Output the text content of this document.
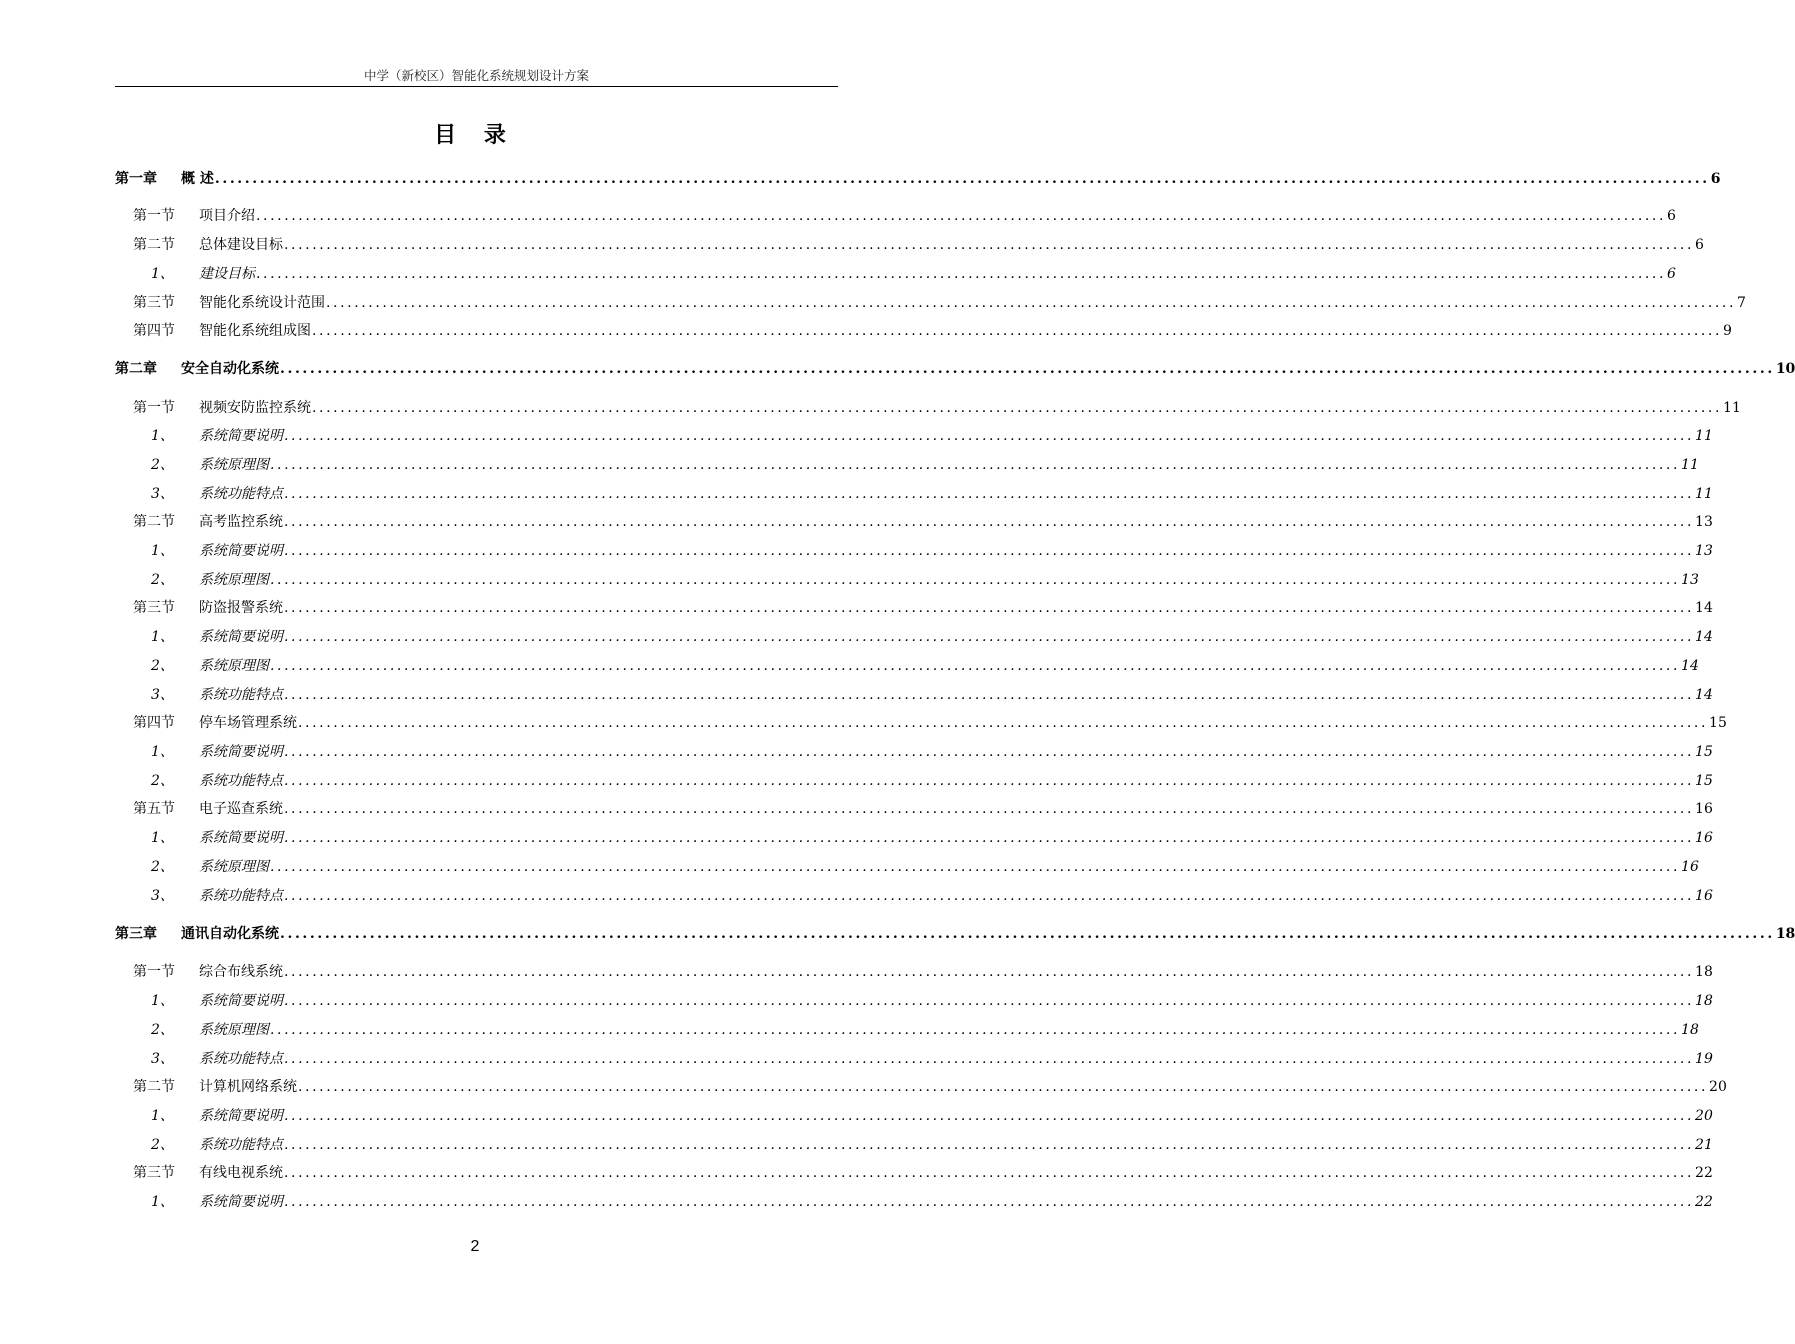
中学（新校区）智能化系统规划设计方案
目 录
第一章	概 述 ........................................................................................................................................................................................................ 6
第一节	项目介绍 ........................................................................................................................................................................................................ 6
第二节	总体建设目标 ........................................................................................................................................................................................................ 6
1、	建设目标 ........................................................................................................................................................................................................ 6
第三节	智能化系统设计范围 ........................................................................................................................................................................................................ 7
第四节	智能化系统组成图 ........................................................................................................................................................................................................ 9
第二章	安全自动化系统 ........................................................................................................................................................................................................ 10
第一节	视频安防监控系统 ........................................................................................................................................................................................................ 11
1、	系统简要说明 ........................................................................................................................................................................................................ 11
2、	系统原理图 ........................................................................................................................................................................................................ 11
3、	系统功能特点 ........................................................................................................................................................................................................ 11
第二节	高考监控系统 ........................................................................................................................................................................................................ 13
1、	系统简要说明 ........................................................................................................................................................................................................ 13
2、	系统原理图 ........................................................................................................................................................................................................ 13
第三节	防盗报警系统 ........................................................................................................................................................................................................ 14
1、	系统简要说明 ........................................................................................................................................................................................................ 14
2、	系统原理图 ........................................................................................................................................................................................................ 14
3、	系统功能特点 ........................................................................................................................................................................................................ 14
第四节	停车场管理系统 ........................................................................................................................................................................................................ 15
1、	系统简要说明 ........................................................................................................................................................................................................ 15
2、	系统功能特点 ........................................................................................................................................................................................................ 15
第五节	电子巡查系统 ........................................................................................................................................................................................................ 16
1、	系统简要说明 ........................................................................................................................................................................................................ 16
2、	系统原理图 ........................................................................................................................................................................................................ 16
3、	系统功能特点 ........................................................................................................................................................................................................ 16
第三章	通讯自动化系统 ........................................................................................................................................................................................................ 18
第一节	综合布线系统 ........................................................................................................................................................................................................ 18
1、	系统简要说明 ........................................................................................................................................................................................................ 18
2、	系统原理图 ........................................................................................................................................................................................................ 18
3、	系统功能特点 ........................................................................................................................................................................................................ 19
第二节	计算机网络系统 ........................................................................................................................................................................................................ 20
1、	系统简要说明 ........................................................................................................................................................................................................ 20
2、	系统功能特点 ........................................................................................................................................................................................................ 21
第三节	有线电视系统 ........................................................................................................................................................................................................ 22
1、	系统简要说明 ........................................................................................................................................................................................................ 22
2
